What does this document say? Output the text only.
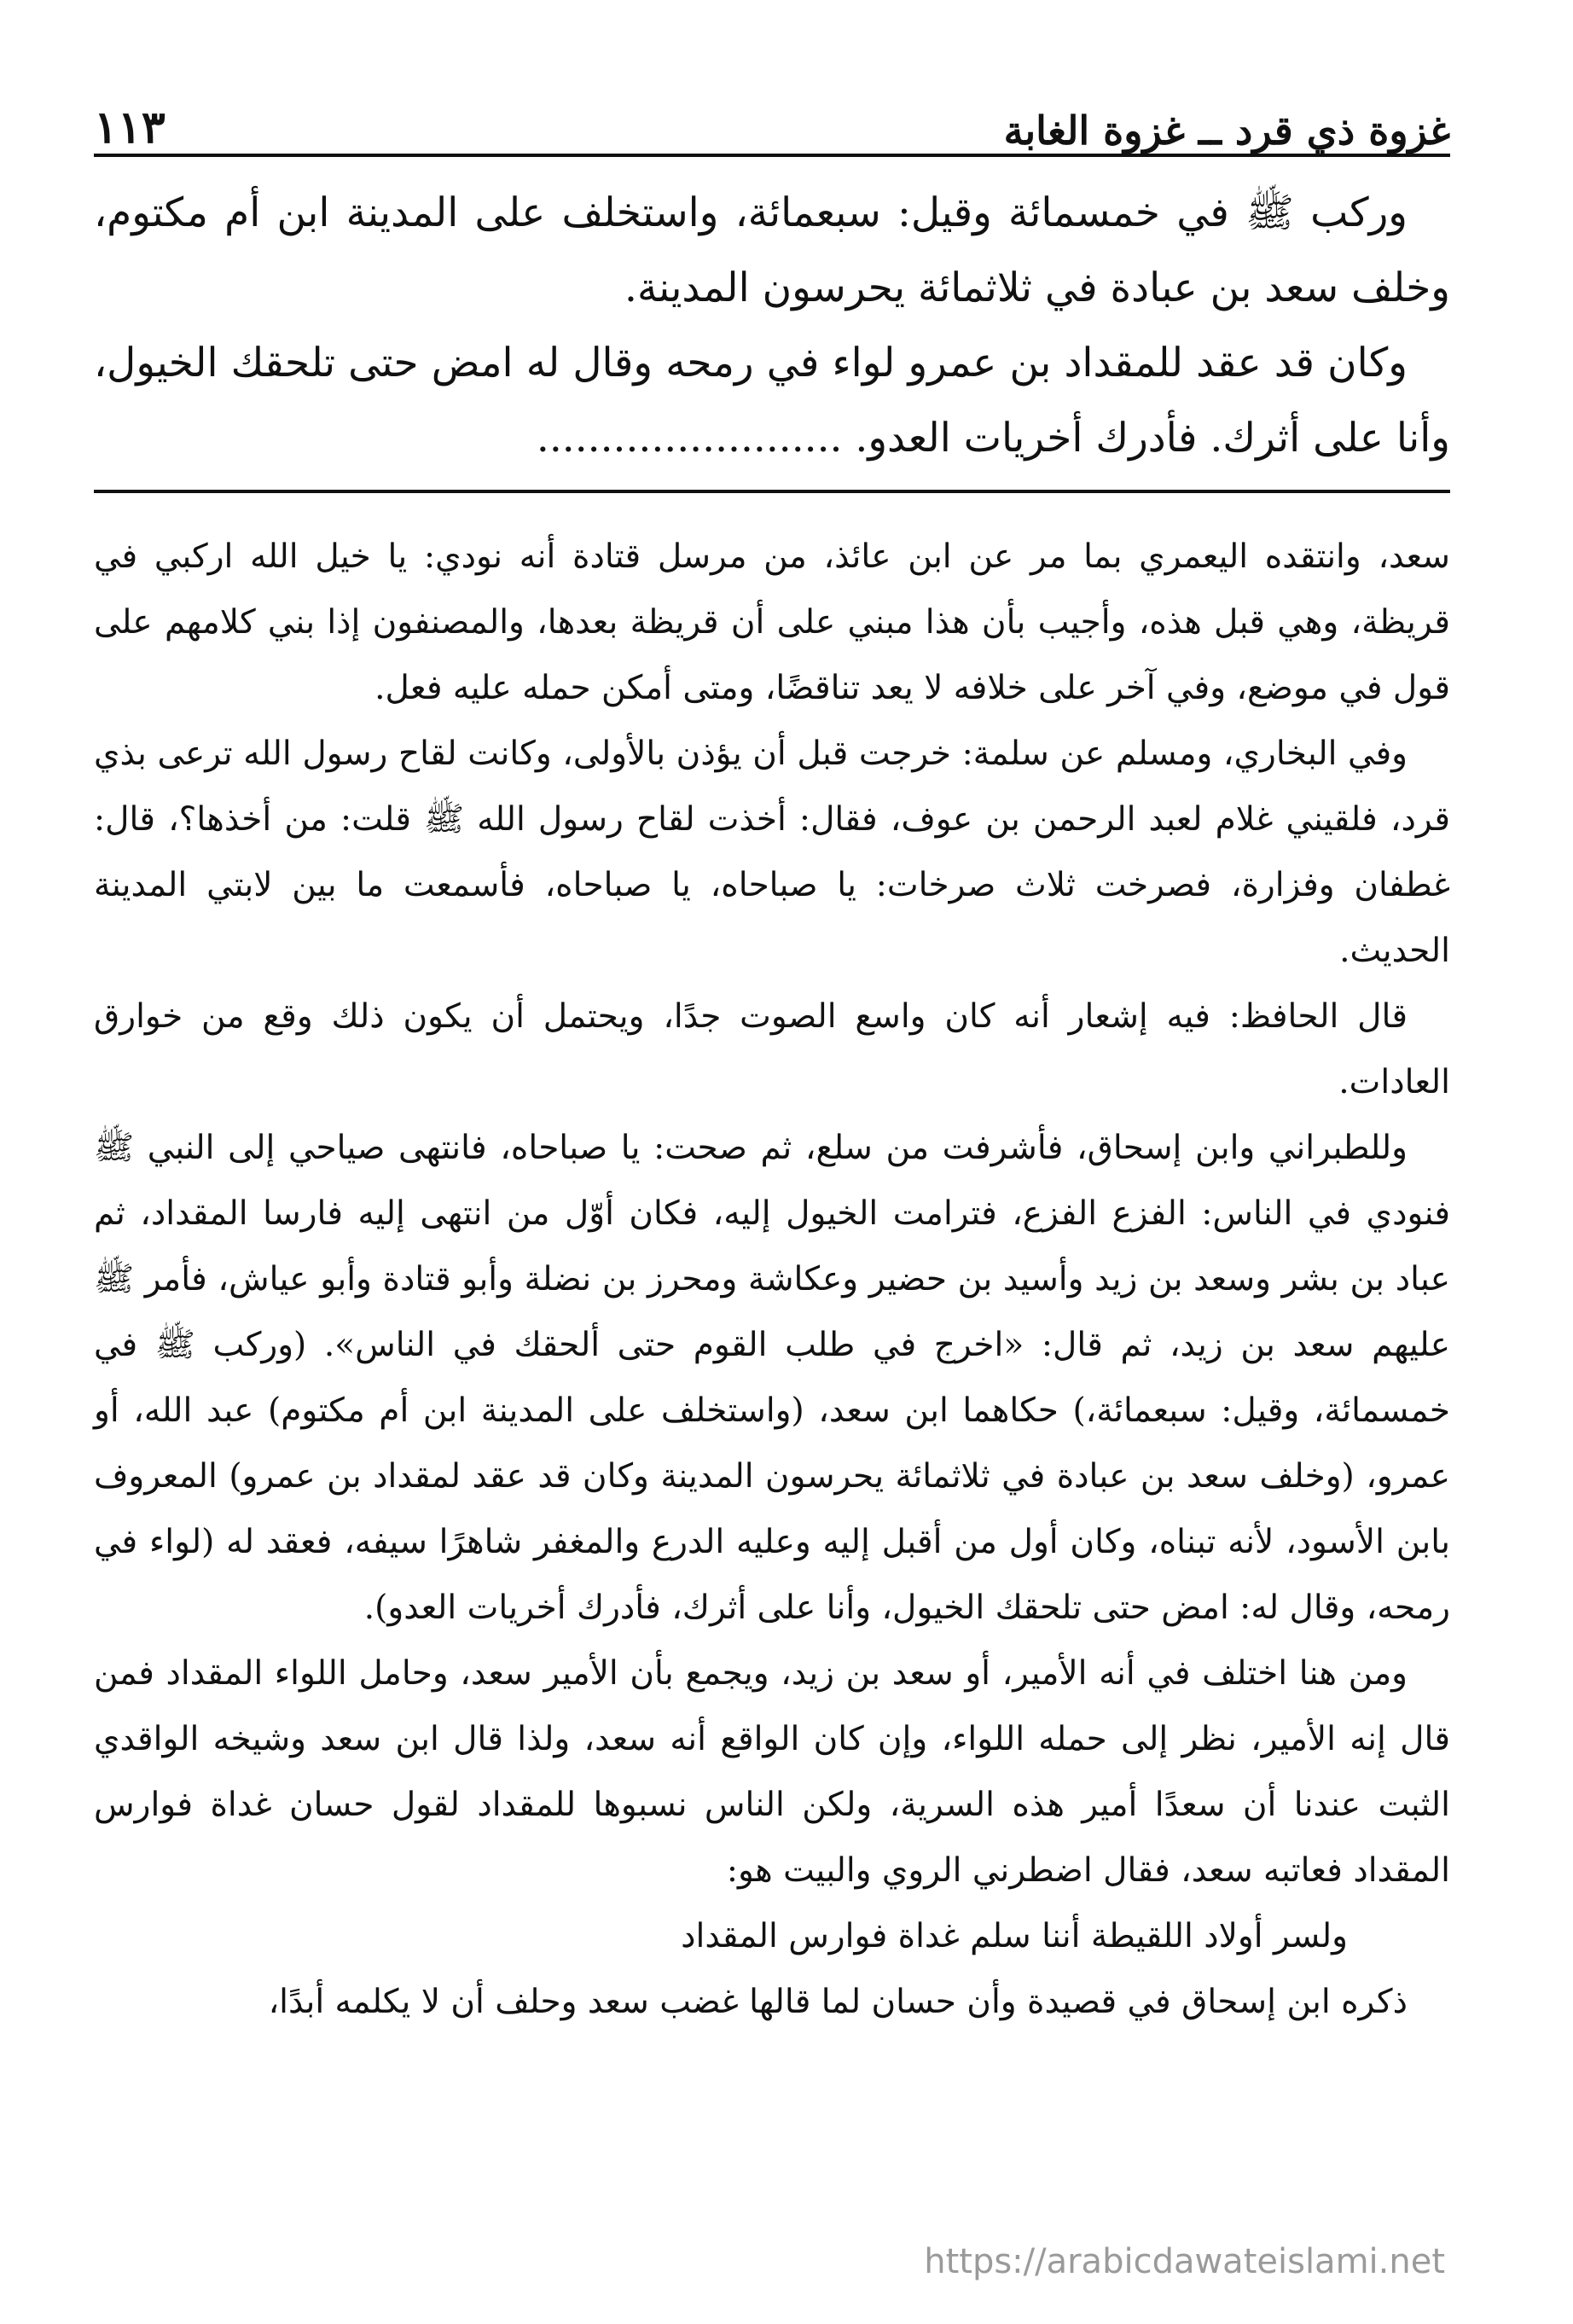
غزوة ذي قرد ــ غزوة الغابة
١١٣

وركب ﷺ في خمسمائة وقيل: سبعمائة، واستخلف على المدينة ابن أم مكتوم، وخلف سعد بن عبادة في ثلاثمائة يحرسون المدينة.

وكان قد عقد للمقداد بن عمرو لواء في رمحه وقال له امض حتى تلحقك الخيول، وأنا على أثرك. فأدرك أخريات العدو. ........................

سعد، وانتقده اليعمري بما مر عن ابن عائذ، من مرسل قتادة أنه نودي: يا خيل الله اركبي في قريظة، وهي قبل هذه، وأجيب بأن هذا مبني على أن قريظة بعدها، والمصنفون إذا بني كلامهم على قول في موضع، وفي آخر على خلافه لا يعد تناقضًا، ومتى أمكن حمله عليه فعل.

وفي البخاري، ومسلم عن سلمة: خرجت قبل أن يؤذن بالأولى، وكانت لقاح رسول الله ترعى بذي قرد، فلقيني غلام لعبد الرحمن بن عوف، فقال: أخذت لقاح رسول الله ﷺ قلت: من أخذها؟، قال: غطفان وفزارة، فصرخت ثلاث صرخات: يا صباحاه، يا صباحاه، فأسمعت ما بين لابتي المدينة الحديث.

قال الحافظ: فيه إشعار أنه كان واسع الصوت جدًا، ويحتمل أن يكون ذلك وقع من خوارق العادات.

وللطبراني وابن إسحاق، فأشرفت من سلع، ثم صحت: يا صباحاه، فانتهى صياحي إلى النبي ﷺ فنودي في الناس: الفزع الفزع، فترامت الخيول إليه، فكان أوّل من انتهى إليه فارسا المقداد، ثم عباد بن بشر وسعد بن زيد وأسيد بن حضير وعكاشة ومحرز بن نضلة وأبو قتادة وأبو عياش، فأمر ﷺ عليهم سعد بن زيد، ثم قال: «اخرج في طلب القوم حتى ألحقك في الناس». (وركب ﷺ في خمسمائة، وقيل: سبعمائة،) حكاهما ابن سعد، (واستخلف على المدينة ابن أم مكتوم) عبد الله، أو عمرو، (وخلف سعد بن عبادة في ثلاثمائة يحرسون المدينة وكان قد عقد لمقداد بن عمرو) المعروف بابن الأسود، لأنه تبناه، وكان أول من أقبل إليه وعليه الدرع والمغفر شاهرًا سيفه، فعقد له (لواء في رمحه، وقال له: امض حتى تلحقك الخيول، وأنا على أثرك، فأدرك أخريات العدو).

ومن هنا اختلف في أنه الأمير، أو سعد بن زيد، ويجمع بأن الأمير سعد، وحامل اللواء المقداد فمن قال إنه الأمير، نظر إلى حمله اللواء، وإن كان الواقع أنه سعد، ولذا قال ابن سعد وشيخه الواقدي الثبت عندنا أن سعدًا أمير هذه السرية، ولكن الناس نسبوها للمقداد لقول حسان غداة فوارس المقداد فعاتبه سعد، فقال اضطرني الروي والبيت هو:

ولسر أولاد اللقيطة أننا سلم غداة فوارس المقداد

ذكره ابن إسحاق في قصيدة وأن حسان لما قالها غضب سعد وحلف أن لا يكلمه أبدًا،

https://arabicdawateislami.net
